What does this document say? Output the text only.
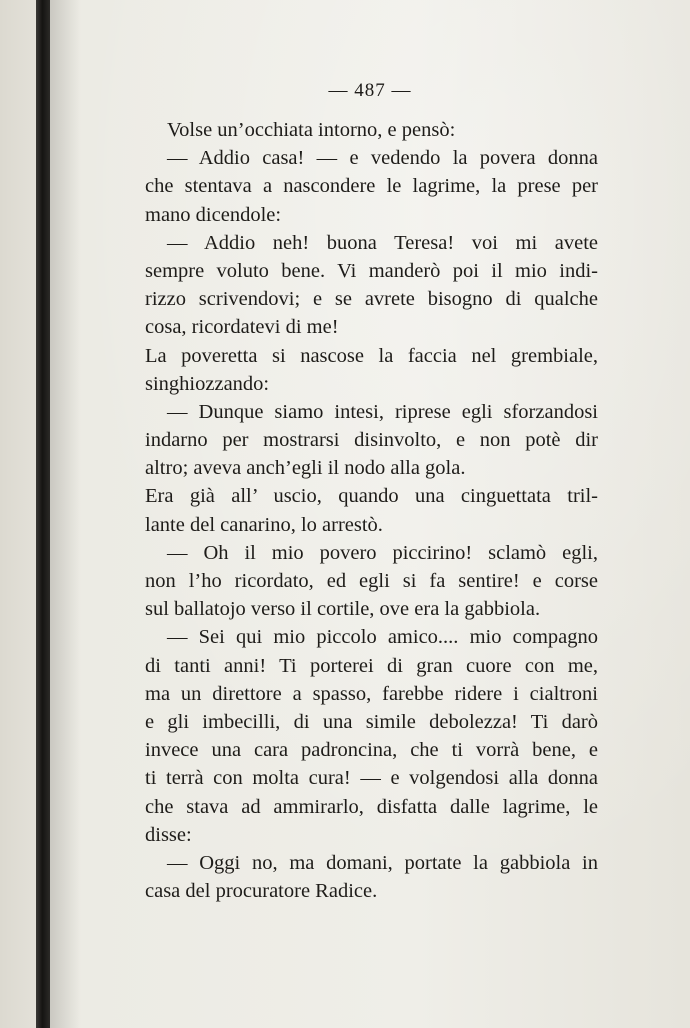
— 487 —
Volse un’occhiata intorno, e pensò:
— Addio casa! — e vedendo la povera donna
che stentava a nascondere le lagrime, la prese per
mano dicendole:
— Addio neh! buona Teresa! voi mi avete
sempre voluto bene. Vi manderò poi il mio indi-
rizzo scrivendovi; e se avrete bisogno di qualche
cosa, ricordatevi di me!
La poveretta si nascose la faccia nel grembiale,
singhiozzando:
— Dunque siamo intesi, riprese egli sforzandosi
indarno per mostrarsi disinvolto, e non potè dir
altro; aveva anch’egli il nodo alla gola.
Era già all’ uscio, quando una cinguettata tril-
lante del canarino, lo arrestò.
— Oh il mio povero piccirino! sclamò egli,
non l’ho ricordato, ed egli si fa sentire! e corse
sul ballatojo verso il cortile, ove era la gabbiola.
— Sei qui mio piccolo amico.... mio compagno
di tanti anni! Ti porterei di gran cuore con me,
ma un direttore a spasso, farebbe ridere i cialtroni
e gli imbecilli, di una simile debolezza! Ti darò
invece una cara padroncina, che ti vorrà bene, e
ti terrà con molta cura! — e volgendosi alla donna
che stava ad ammirarlo, disfatta dalle lagrime, le
disse:
— Oggi no, ma domani, portate la gabbiola in
casa del procuratore Radice.
